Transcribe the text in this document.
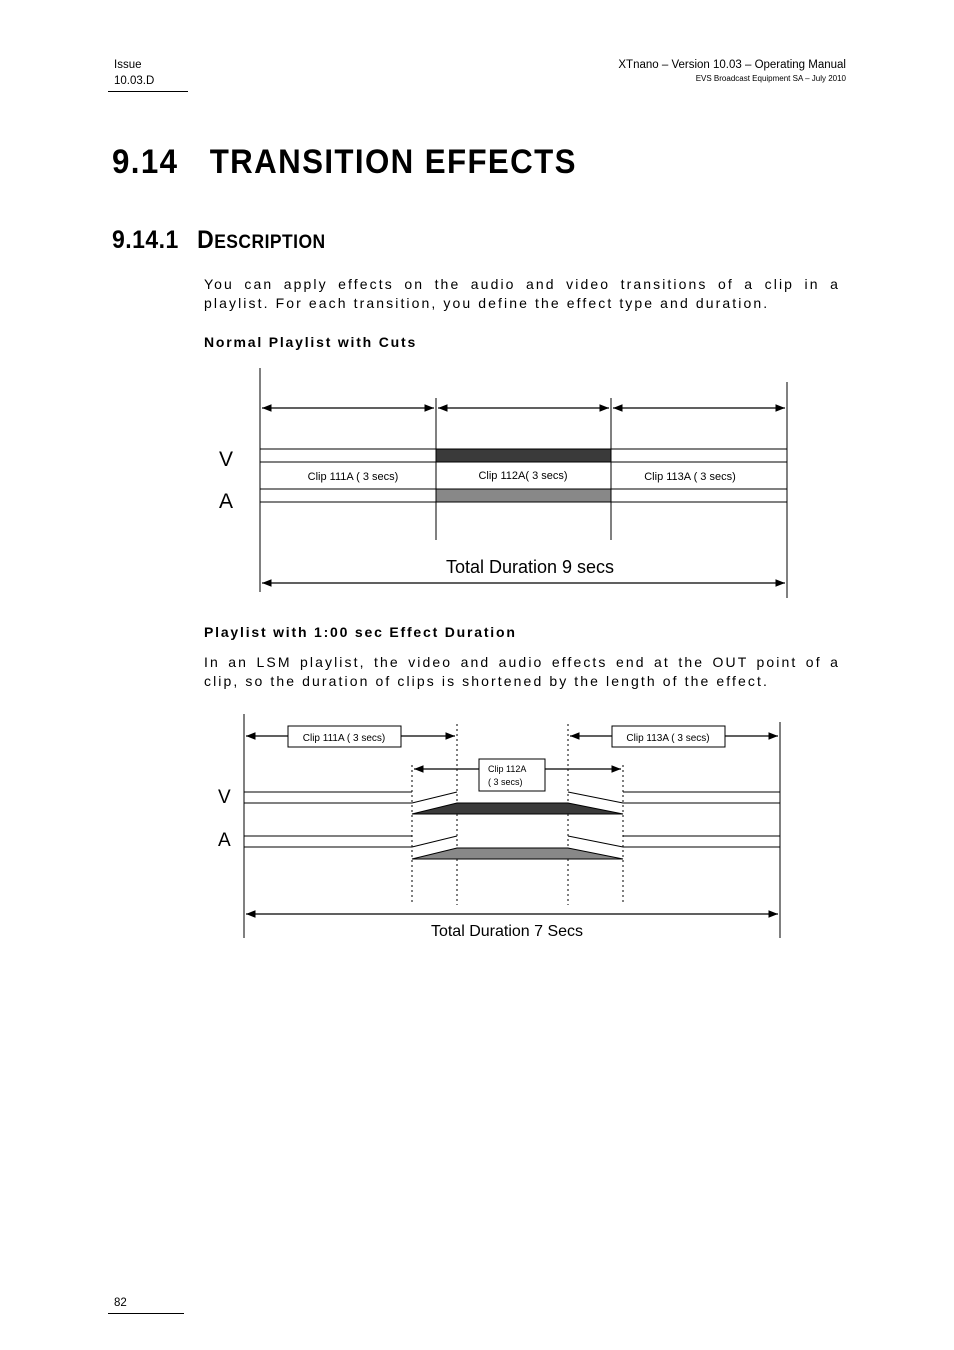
Issue
10.03.D
XTnano – Version 10.03 – Operating Manual
EVS Broadcast Equipment SA – July 2010
9.14 TRANSITION EFFECTS
9.14.1 DESCRIPTION
You can apply effects on the audio and video transitions of a clip in a playlist. For each transition, you define the effect type and duration.
Normal Playlist with Cuts
V
A
Clip 111A ( 3 secs)	Clip 112A( 3 secs)	Clip 113A ( 3 secs)
Total Duration 9 secs
Clip 111A ( 3 secs)	Clip 113A ( 3 secs)
Clip 112A
( 3 secs)
V
A
Total Duration 7 Secs
Playlist with 1:00 sec Effect Duration
In an LSM playlist, the video and audio effects end at the OUT point of a clip, so the duration of clips is shortened by the length of the effect.
82
